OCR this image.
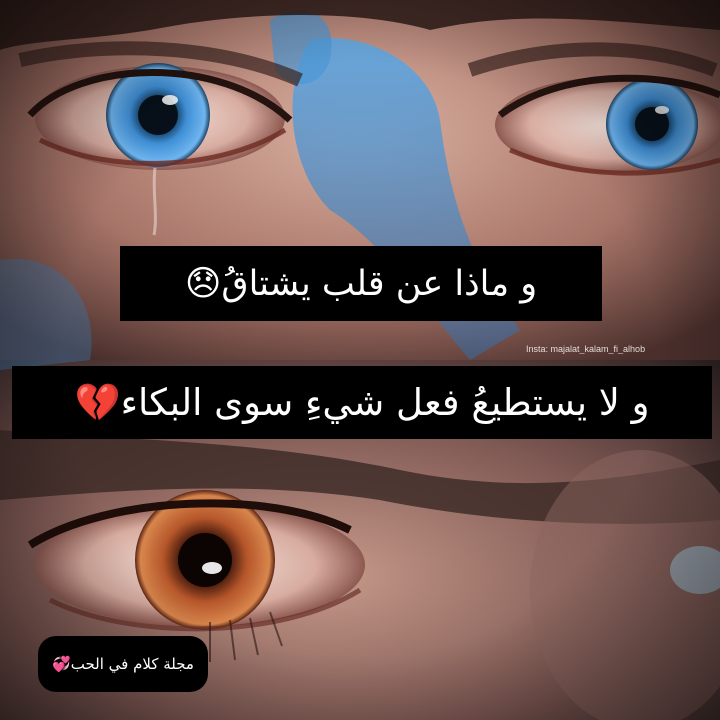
و ماذا عن قلب يشتاقُ😞
Insta: majalat_kalam_fi_alhob
و لا يستطيعُ فعل شيءِ سوى البكاء💔
مجلة كلام في الحب💞
